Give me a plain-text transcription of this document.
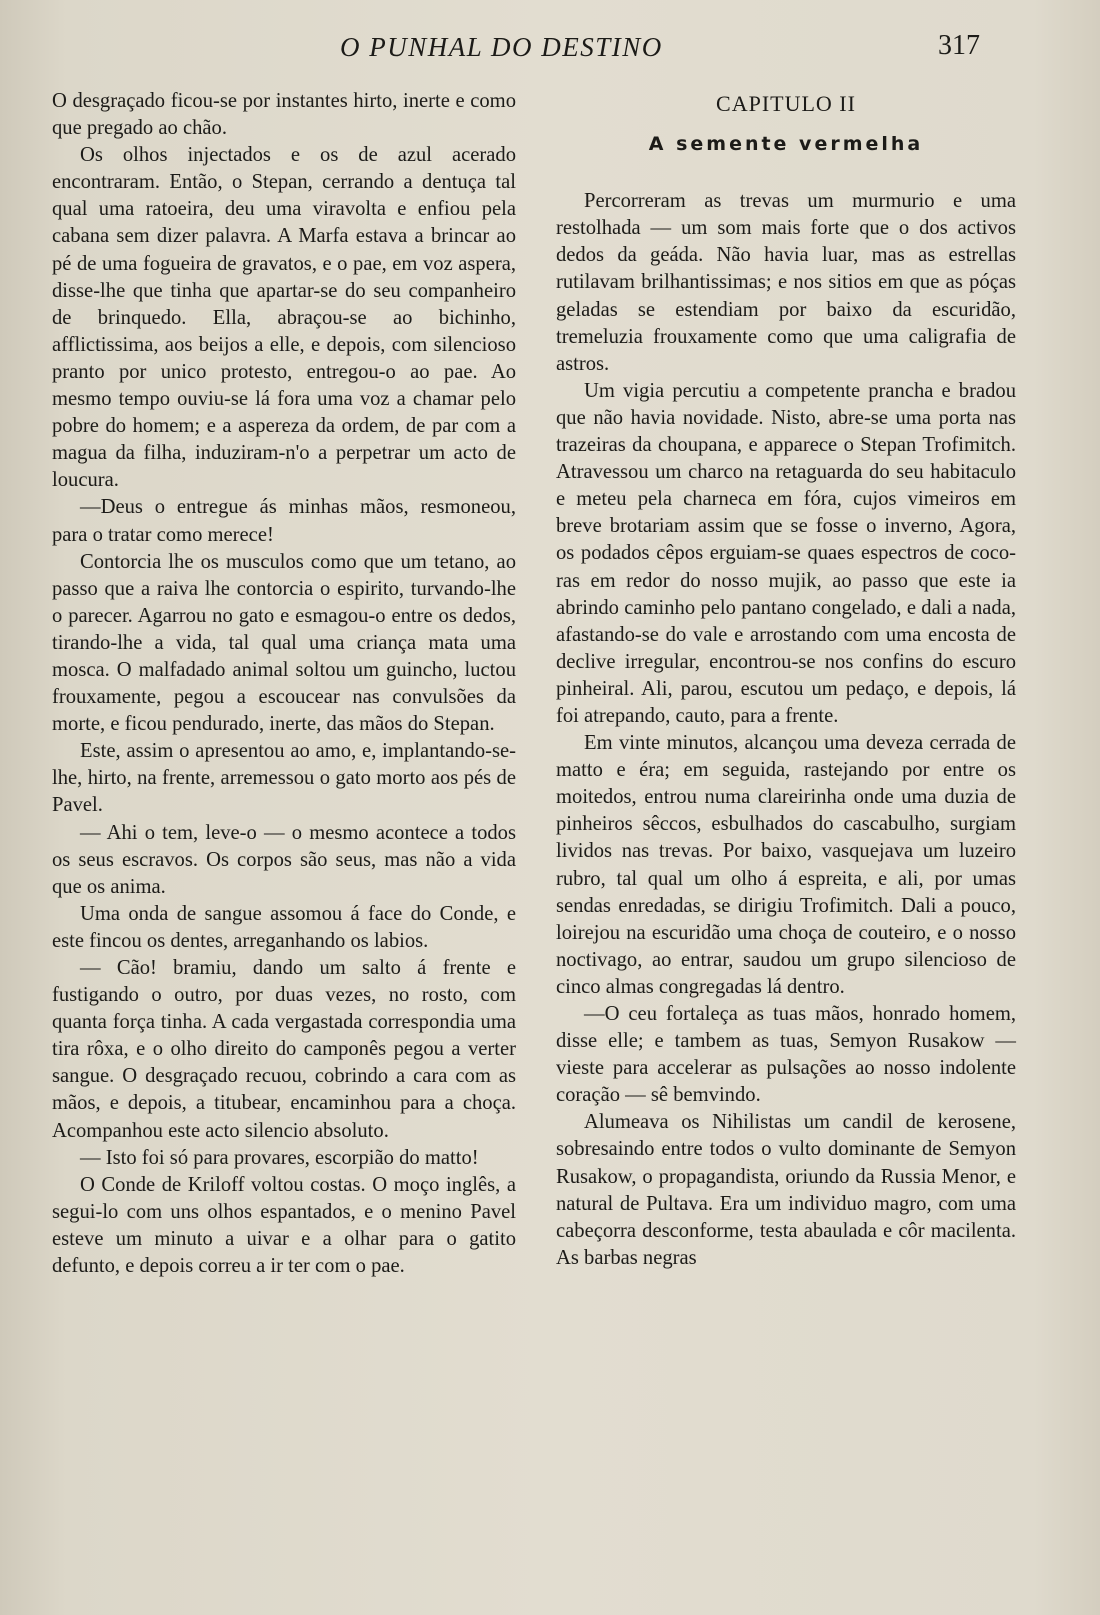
O PUNHAL DO DESTINO	317

O desgraçado ficou-se por instantes hirto, inerte e como que pregado ao chão.

Os olhos injectados e os de azul acerado encontraram. Então, o Stepan, cerrando a dentuça tal qual uma ratoeira, deu uma viravolta e enfiou pela cabana sem dizer palavra. A Marfa estava a brincar ao pé de uma fogueira de gravatos, e o pae, em voz aspera, disse-lhe que tinha que apartar-se do seu companheiro de brinquedo. Ella, abraçou-se ao bichinho, afflictissima, aos beijos a elle, e depois, com silencioso pranto por unico protesto, entregou-o ao pae. Ao mesmo tempo ouviu-se lá fora uma voz a chamar pelo pobre do homem; e a aspereza da ordem, de par com a magua da filha, induziram-n'o a perpetrar um acto de loucura.

—Deus o entregue ás minhas mãos, resmoneou, para o tratar como merece!

Contorcia lhe os musculos como que um tetano, ao passo que a raiva lhe contorcia o espirito, turvando-lhe o parecer. Agarrou no gato e esmagou-o entre os dedos, tirando-lhe a vida, tal qual uma criança mata uma mosca. O malfadado animal soltou um guincho, luctou frouxamente, pegou a escoucear nas convulsões da morte, e ficou pendurado, inerte, das mãos do Stepan.

Este, assim o apresentou ao amo, e, implantando-se-lhe, hirto, na frente, arremessou o gato morto aos pés de Pavel.

— Ahi o tem, leve-o — o mesmo acontece a todos os seus escravos. Os corpos são seus, mas não a vida que os anima.

Uma onda de sangue assomou á face do Conde, e este fincou os dentes, arreganhando os labios.

— Cão! bramiu, dando um salto á frente e fustigando o outro, por duas vezes, no rosto, com quanta força tinha. A cada vergastada correspondia uma tira rôxa, e o olho direito do camponês pegou a verter sangue. O desgraçado recuou, cobrindo a cara com as mãos, e depois, a titubear, encaminhou para a choça. Acompanhou este acto silencio absoluto.

— Isto foi só para provares, escorpião do matto!

O Conde de Kriloff voltou costas. O moço inglês, a segui-lo com uns olhos espantados, e o menino Pavel esteve um minuto a uivar e a olhar para o gatito defunto, e depois correu a ir ter com o pae.

CAPITULO II
A semente vermelha

Percorreram as trevas um murmurio e uma restolhada — um som mais forte que o dos activos dedos da geáda. Não havia luar, mas as estrellas rutilavam brilhantissimas; e nos sitios em que as póças geladas se estendiam por baixo da escuridão, tremeluzia frouxamente como que uma caligrafia de astros.

Um vigia percutiu a competente prancha e bradou que não havia novidade. Nisto, abre-se uma porta nas trazeiras da choupana, e apparece o Stepan Trofimitch. Atravessou um charco na retaguarda do seu habitaculo e meteu pela charneca em fóra, cujos vimeiros em breve brotariam assim que se fosse o inverno, Agora, os podados cêpos erguiam-se quaes espectros de cocoras em redor do nosso mujik, ao passo que este ia abrindo caminho pelo pantano congelado, e dali a nada, afastando-se do vale e arrostando com uma encosta de declive irregular, encontrou-se nos confins do escuro pinheiral. Ali, parou, escutou um pedaço, e depois, lá foi atrepando, cauto, para a frente.

Em vinte minutos, alcançou uma deveza cerrada de matto e éra; em seguida, rastejando por entre os moitedos, entrou numa clareirinha onde uma duzia de pinheiros sêccos, esbulhados do cascabulho, surgiam lividos nas trevas. Por baixo, vasquejava um luzeiro rubro, tal qual um olho á espreita, e ali, por umas sendas enredadas, se dirigiu Trofimitch. Dali a pouco, loirejou na escuridão uma choça de couteiro, e o nosso noctivago, ao entrar, saudou um grupo silencioso de cinco almas congregadas lá dentro.

—O ceu fortaleça as tuas mãos, honrado homem, disse elle; e tambem as tuas, Semyon Rusakow — vieste para accelerar as pulsações ao nosso indolente coração — sê bemvindo.

Alumeava os Nihilistas um candil de kerosene, sobresaindo entre todos o vulto dominante de Semyon Rusakow, o propagandista, oriundo da Russia Menor, e natural de Pultava. Era um individuo magro, com uma cabeçorra desconforme, testa abaulada e côr macilenta. As barbas negras
